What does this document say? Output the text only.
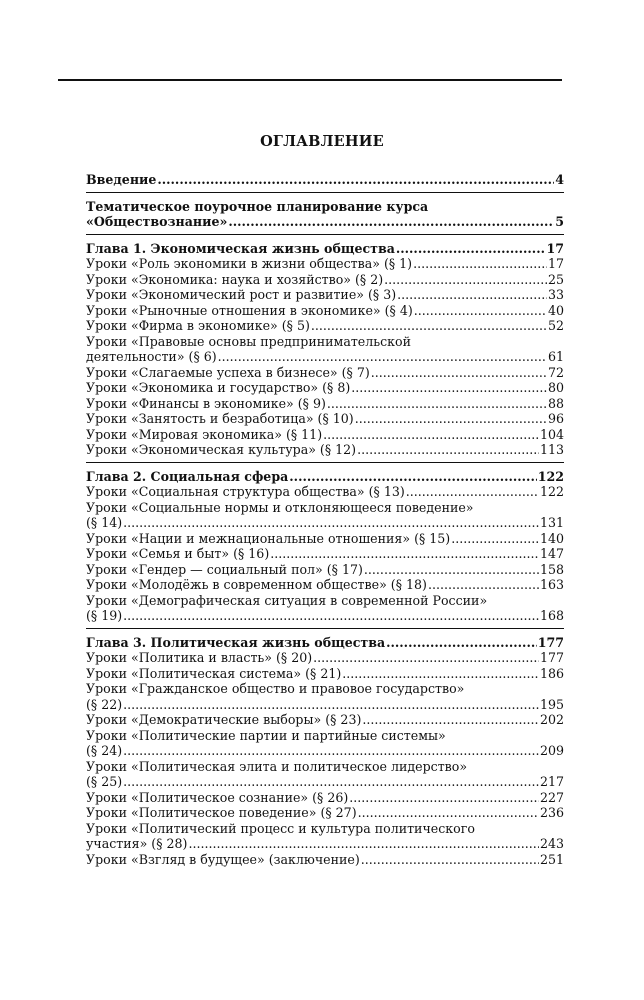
ОГЛАВЛЕНИЕ
Введение .....	4
Тематическое поурочное планирование курса
«Обществознание» .....	5
Глава 1. Экономическая жизнь общества .....	17
Уроки «Роль экономики в жизни общества» (§ 1) .....	17
Уроки «Экономика: наука и хозяйство» (§ 2) .....	25
Уроки «Экономический рост и развитие» (§ 3) .....	33
Уроки «Рыночные отношения в экономике» (§ 4) .....	40
Уроки «Фирма в экономике» (§ 5) .....	52
Уроки «Правовые основы предпринимательской
деятельности» (§ 6) .....	61
Уроки «Слагаемые успеха в бизнесе» (§ 7) .....	72
Уроки «Экономика и государство» (§ 8) .....	80
Уроки «Финансы в экономике» (§ 9) .....	88
Уроки «Занятость и безработица» (§ 10) .....	96
Уроки «Мировая экономика» (§ 11) .....	104
Уроки «Экономическая культура» (§ 12) .....	113
Глава 2. Социальная сфера .....	122
Уроки «Социальная структура общества» (§ 13) .....	122
Уроки «Социальные нормы и отклоняющееся поведение»
(§ 14) .....	131
Уроки «Нации и межнациональные отношения» (§ 15) .....	140
Уроки «Семья и быт» (§ 16) .....	147
Уроки «Гендер — социальный пол» (§ 17) .....	158
Уроки «Молодёжь в современном обществе» (§ 18) .....	163
Уроки «Демографическая ситуация в современной России»
(§ 19) .....	168
Глава 3. Политическая жизнь общества .....	177
Уроки «Политика и власть» (§ 20) .....	177
Уроки «Политическая система» (§ 21) .....	186
Уроки «Гражданское общество и правовое государство»
(§ 22) .....	195
Уроки «Демократические выборы» (§ 23) .....	202
Уроки «Политические партии и партийные системы»
(§ 24) .....	209
Уроки «Политическая элита и политическое лидерство»
(§ 25) .....	217
Уроки «Политическое сознание» (§ 26) .....	227
Уроки «Политическое поведение» (§ 27) .....	236
Уроки «Политический процесс и культура политического
участия» (§ 28) .....	243
Уроки «Взгляд в будущее» (заключение) .....	251
